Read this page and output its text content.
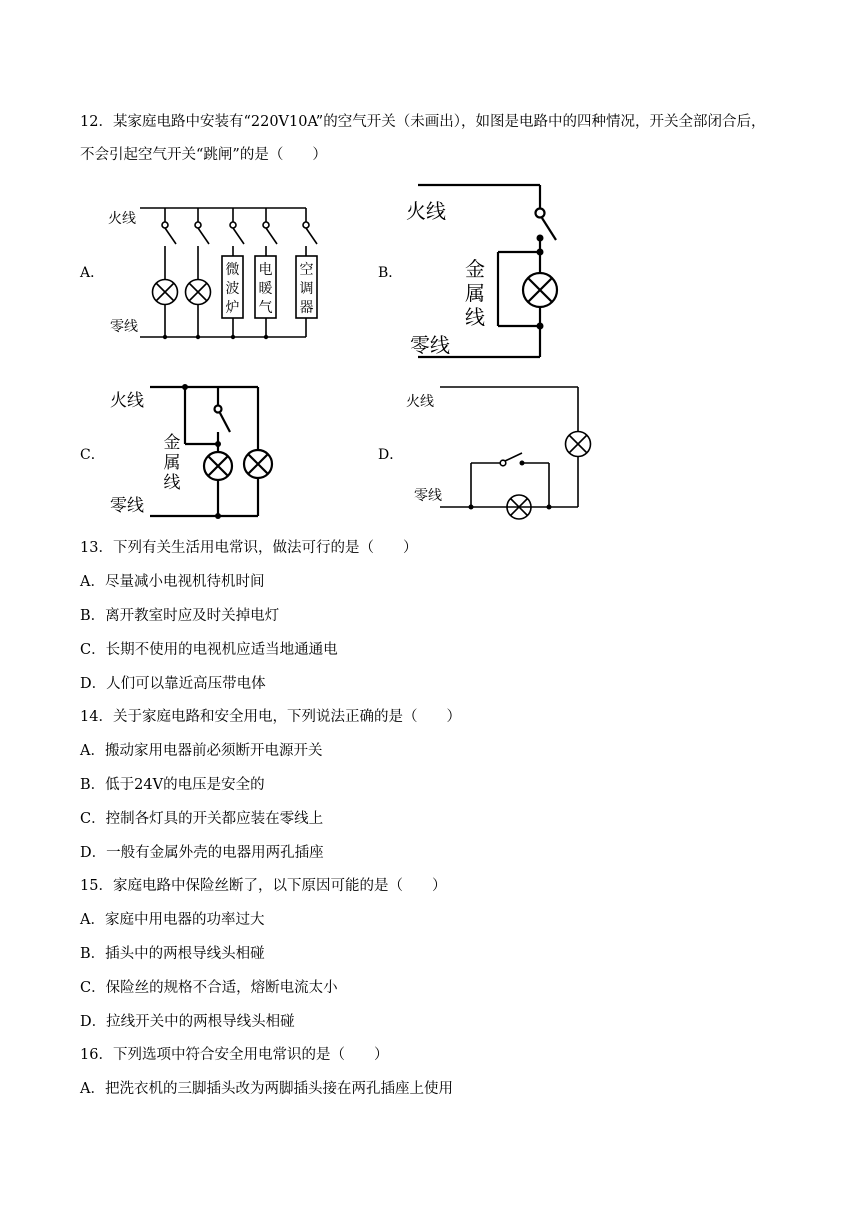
12．某家庭电路中安装有“220V10A”的空气开关（未画出），如图是电路中的四种情况，开关全部闭合后，
不会引起空气开关“跳闸”的是（　　）
A．	B．
C．	D．
火线
零线
微波炉
电暖气
空调器
火线
零线
金属线
火线
零线
金属线
火线
零线
13．下列有关生活用电常识，做法可行的是（　　）
A．尽量减小电视机待机时间
B．离开教室时应及时关掉电灯
C．长期不使用的电视机应适当地通通电
D．人们可以靠近高压带电体
14．关于家庭电路和安全用电，下列说法正确的是（　　）
A．搬动家用电器前必须断开电源开关
B．低于24V的电压是安全的
C．控制各灯具的开关都应装在零线上
D．一般有金属外壳的电器用两孔插座
15．家庭电路中保险丝断了，以下原因可能的是（　　）
A．家庭中用电器的功率过大
B．插头中的两根导线头相碰
C．保险丝的规格不合适，熔断电流太小
D．拉线开关中的两根导线头相碰
16．下列选项中符合安全用电常识的是（　　）
A．把洗衣机的三脚插头改为两脚插头接在两孔插座上使用
